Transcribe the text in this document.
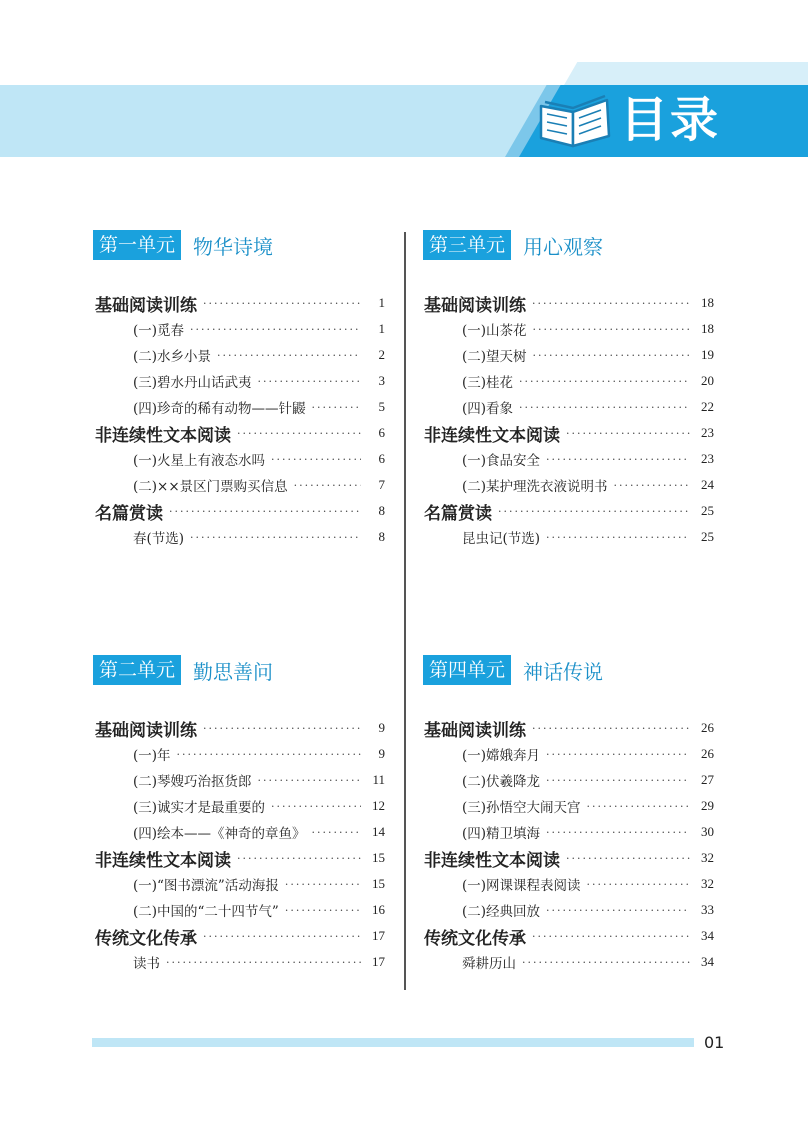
目录
第一单元 物华诗境
基础阅读训练 ·····	1
(一)觅春 ·····	1
(二)水乡小景 ·····	2
(三)碧水丹山话武夷 ·····	3
(四)珍奇的稀有动物——针鼹 ·····	5
非连续性文本阅读 ·····	6
(一)火星上有液态水吗 ·····	6
(二)××景区门票购买信息 ·····	7
名篇赏读 ·····	8
春(节选) ·····	8
第三单元 用心观察
基础阅读训练 ·····	18
(一)山茶花 ·····	18
(二)望天树 ·····	19
(三)桂花 ·····	20
(四)看象 ·····	22
非连续性文本阅读 ·····	23
(一)食品安全 ·····	23
(二)某护理洗衣液说明书 ·····	24
名篇赏读 ·····	25
昆虫记(节选) ·····	25
第二单元 勤思善问
基础阅读训练 ·····	9
(一)年 ·····	9
(二)琴嫂巧治抠货郎 ·····	11
(三)诚实才是最重要的 ·····	12
(四)绘本——《神奇的章鱼》 ·····	14
非连续性文本阅读 ·····	15
(一)“图书漂流”活动海报 ·····	15
(二)中国的“二十四节气” ·····	16
传统文化传承 ·····	17
读书 ·····	17
第四单元 神话传说
基础阅读训练 ·····	26
(一)嫦娥奔月 ·····	26
(二)伏羲降龙 ·····	27
(三)孙悟空大闹天宫 ·····	29
(四)精卫填海 ·····	30
非连续性文本阅读 ·····	32
(一)网课课程表阅读 ·····	32
(二)经典回放 ·····	33
传统文化传承 ·····	34
舜耕历山 ·····	34
01
